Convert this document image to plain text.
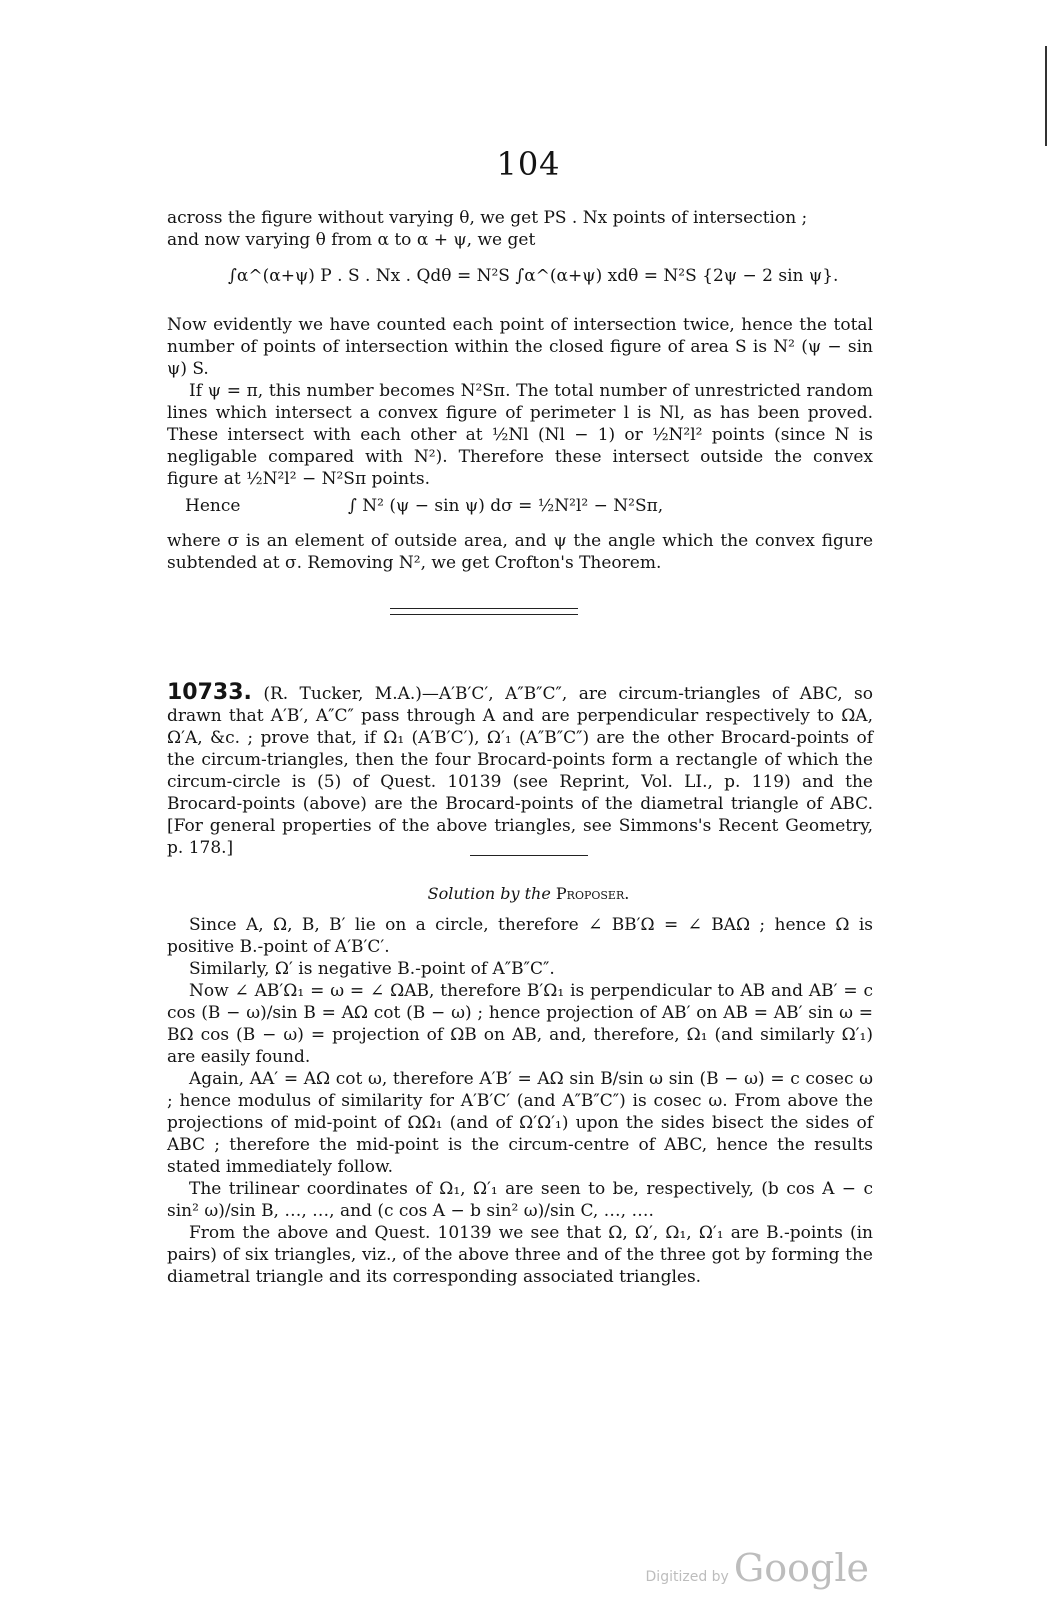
104

across the figure without varying θ, we get PS . Nx points of intersection ;

and now varying θ from α to α + ψ, we get

∫α^(α+ψ) P . S . Nx . Qdθ = N²S ∫α^(α+ψ) xdθ = N²S {2ψ − 2 sin ψ}.

Now evidently we have counted each point of intersection twice, hence the total number of points of intersection within the closed figure of area S is N² (ψ − sin ψ) S.

If ψ = π, this number becomes N²Sπ. The total number of unrestricted random lines which intersect a convex figure of perimeter l is Nl, as has been proved. These intersect with each other at ½Nl (Nl − 1) or ½N²l² points (since N is negligable compared with N²). Therefore these intersect outside the convex figure at ½N²l² − N²Sπ points.

Hence	∫ N² (ψ − sin ψ) dσ = ½N²l² − N²Sπ,

where σ is an element of outside area, and ψ the angle which the convex figure subtended at σ. Removing N², we get Crofton's Theorem.

10733. (R. Tucker, M.A.)—A′B′C′, A″B″C″, are circum-triangles of ABC, so drawn that A′B′, A″C″ pass through A and are perpendicular respectively to ΩA, Ω′A, &c. ; prove that, if Ω₁ (A′B′C′), Ω′₁ (A″B″C″) are the other Brocard-points of the circum-triangles, then the four Brocard-points form a rectangle of which the circum-circle is (5) of Quest. 10139 (see Reprint, Vol. LI., p. 119) and the Brocard-points (above) are the Brocard-points of the diametral triangle of ABC. [For general properties of the above triangles, see Simmons's Recent Geometry, p. 178.]
Solution by the Proposer.

Since A, Ω, B, B′ lie on a circle, therefore ∠ BB′Ω = ∠ BAΩ ; hence Ω is positive B.-point of A′B′C′.

Similarly, Ω′ is negative B.-point of A″B″C″.

Now ∠ AB′Ω₁ = ω = ∠ ΩAB, therefore B′Ω₁ is perpendicular to AB and AB′ = c cos (B − ω)/sin B = AΩ cot (B − ω) ; hence projection of AB′ on AB = AB′ sin ω = BΩ cos (B − ω) = projection of ΩB on AB, and, therefore, Ω₁ (and similarly Ω′₁) are easily found.

Again, AA′ = AΩ cot ω, therefore A′B′ = AΩ sin B/sin ω sin (B − ω) = c cosec ω ; hence modulus of similarity for A′B′C′ (and A″B″C″) is cosec ω. From above the projections of mid-point of ΩΩ₁ (and of Ω′Ω′₁) upon the sides bisect the sides of ABC ; therefore the mid-point is the circum-centre of ABC, hence the results stated immediately follow.

The trilinear coordinates of Ω₁, Ω′₁ are seen to be, respectively, (b cos A − c sin² ω)/sin B, …, …, and (c cos A − b sin² ω)/sin C, …, ….

From the above and Quest. 10139 we see that Ω, Ω′, Ω₁, Ω′₁ are B.-points (in pairs) of six triangles, viz., of the above three and of the three got by forming the diametral triangle and its corresponding associated triangles.

Digitized by Google
